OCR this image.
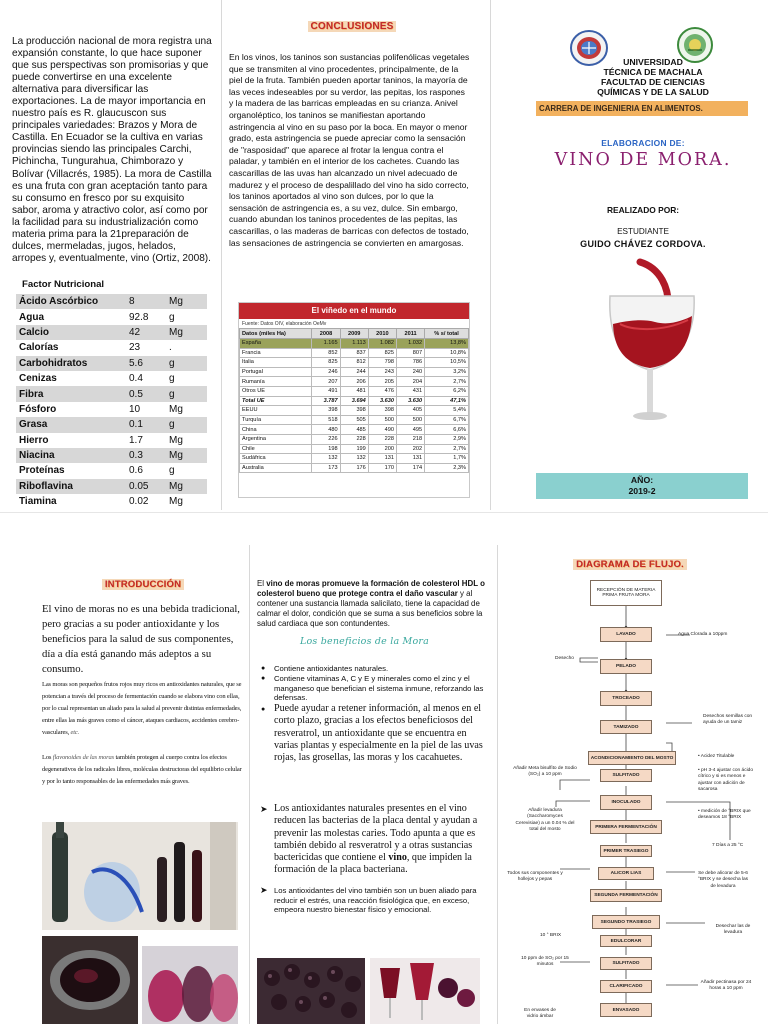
La producción nacional de mora registra una expansión constante, lo que hace suponer que sus perspectivas son promisorias y que puede convertirse en una excelente alternativa para diversificar las exportaciones. La de mayor importancia en nuestro país es R. glaucuscon sus principales variedades: Brazos y Mora de Castilla. En Ecuador se la cultiva en varias provincias siendo las principales Carchi, Pichincha, Tungurahua, Chimborazo y Bolívar (Villacrés, 1985). La mora de Castilla es una fruta con gran aceptación tanto para su consumo en fresco por su exquisito sabor, aroma y atractivo color, así como por la facilidad para su industrialización como materia prima para la 21preparación de dulces, mermeladas, jugos, helados, arropes y, eventualmente, vino (Ortiz, 2008).
Factor Nutricional
Ácido Ascórbico	8	Mg
Agua	92.8	g
Calcio	42	Mg
Calorías	23	.
Carbohidratos	5.6	g
Cenizas	0.4	g
Fibra	0.5	g
Fósforo	10	Mg
Grasa	0.1	g
Hierro	1.7	Mg
Niacina	0.3	Mg
Proteínas	0.6	g
Riboflavina	0.05	Mg
Tiamina	0.02	Mg
CONCLUSIONES
En los vinos, los taninos son sustancias polifenólicas vegetales que se transmiten al vino procedentes, principalmente, de la piel de la fruta. También pueden aportar taninos, la mayoría de las veces indeseables por su verdor, las pepitas, los raspones y la madera de las barricas empleadas en su crianza. Anivel organoléptico, los taninos se manifiestan aportando astringencia al vino en su paso por la boca. En mayor o menor grado, esta astringencia se puede apreciar como la sensación de "rasposidad" que aparece al frotar la lengua contra el paladar, y también en el interior de los cachetes. Cuando las cascarillas de las uvas han alcanzado un nivel adecuado de madurez y el proceso de despalillado del vino ha sido correcto, los taninos aportados al vino son dulces, por lo que la sensación de astringencia es, a su vez, dulce. Sin embargo, cuando abundan los taninos procedentes de las pepitas, las cascarillas, o las maderas de barricas con defectos de tostado, las sensaciones de astringencia se convierten en amargosas.
El viñedo en el mundo
Fuente: Datos OIV, elaboración OeMv
Datos (miles Ha)	2008	2009	2010	2011	% s/ total
España	1.165	1.113	1.082	1.032	13,8%
Francia	852	837	825	807	10,8%
Italia	825	812	798	786	10,5%
Portugal	246	244	243	240	3,2%
Rumanía	207	206	205	204	2,7%
Otros UE	491	481	476	431	6,2%
Total UE	3.787	3.694	3.630	3.630	47,1%
EEUU	398	398	398	405	5,4%
Turquía	518	505	500	500	6,7%
China	480	485	490	495	6,6%
Argentina	226	228	228	218	2,9%
Chile	198	199	200	202	2,7%
Sudáfrica	132	132	131	131	1,7%
Australia	173	176	170	174	2,3%
UNIVERSIDAD
TÉCNICA DE MACHALA
FACULTAD DE CIENCIAS
QUÍMICAS Y DE LA SALUD
CARRERA DE INGENIERIA EN ALIMENTOS.
ELABORACION DE:
VINO DE MORA.
REALIZADO POR:
ESTUDIANTE
GUIDO CHÁVEZ CORDOVA.
AÑO:
2019-2
INTRODUCCIÓN
El vino de moras no es una bebida tradicional, pero gracias a su poder antioxidante y los beneficios para la salud de sus componentes, día a día está ganando más adeptos a su consumo.
Las moras son pequeños frutos rojos muy ricos en antioxidantes naturales, que se potencian a través del proceso de fermentación cuando se elabora vino con ellas, por lo cual representan un aliado para la salud al prevenir distintas enfermedades, entre ellas las más graves como el cáncer, ataques cardiacos, accidentes cerebro-vasculares, etc.
Los flavonoides de las moras también protegen al cuerpo contra los efectos degenerativos de los radicales libres, moléculas destructoras del equilibrio celular y por lo tanto responsables de las enfermedades más graves.
El vino de moras promueve la formación de colesterol HDL o colesterol bueno que protege contra el daño vascular y al contener una sustancia llamada salicilato, tiene la capacidad de calmar el dolor, condición que se suma a sus beneficios sobre la salud cardiaca que son contundentes.
Los beneficios de la Mora
● Contiene antioxidantes naturales.
● Contiene vitaminas A, C y E y minerales como el zinc y el manganeso que benefician el sistema inmune, reforzando las defensas.
● Puede ayudar a retener información, al menos en el corto plazo, gracias a los efectos beneficiosos del resveratrol, un antioxidante que se encuentra en varias plantas y especialmente en la piel de las uvas rojas, las grosellas, las moras y los cacahuetes.
➤ Los antioxidantes naturales presentes en el vino reducen las bacterias de la placa dental y ayudan a prevenir las molestas caries. Todo apunta a que es también debido al resveratrol y a otras sustancias bactericidas que contiene el vino, que impiden la formación de la placa bacteriana.
➤ Los antioxidantes del vino también son un buen aliado para reducir el estrés, una reacción fisiológica que, en exceso, empeora nuestro bienestar físico y emocional.
DIAGRAMA DE FLUJO.
RECEPCIÓN DE MATERIA PRIMA FRUTA MORA
LAVADO
PELADO
TROCEADO
TAMIZADO
ACONDICIONAMIENTO DEL MOSTO
SULFITADO
INOCULADO
PRIMERA FERMENTACIÓN
PRIMER TRASIEGO
ALICOR LIAS
SEGUNDA FERMENTACIÓN
SEGUNDO TRASIEGO
EDULCORAR
SULFITADO
CLARIFICADO
ENVASADO
Agua Clorada a 10ppm
Desecho
Desechos semillas con ayuda de un tamiz
• Acidez Titulable
• pH 3-4 ajustar con ácido cítrico y si es menos e ajustar con adición de sacarosa
• medición de °BRIX que deseamos 18 °BRIX
Añadir Meta bisulfito de Sodio (SO₂) a 10 ppm
Añadir levadura (Saccharomyces Cerevisiae) a un 0.04 % del total del mosto
7 Días a 25 °C
Todos sus componentes y hollejos y pepas
Se debe alicorar de 5-6 °BRIX y se desecha las de levadura
Desechar las de levadura
10 ° BRIX
10 ppm de SO₂ por 15 minutos
Añadir pectinasa por 24 horas a 10 ppm
En envases de vidrio ámbar
